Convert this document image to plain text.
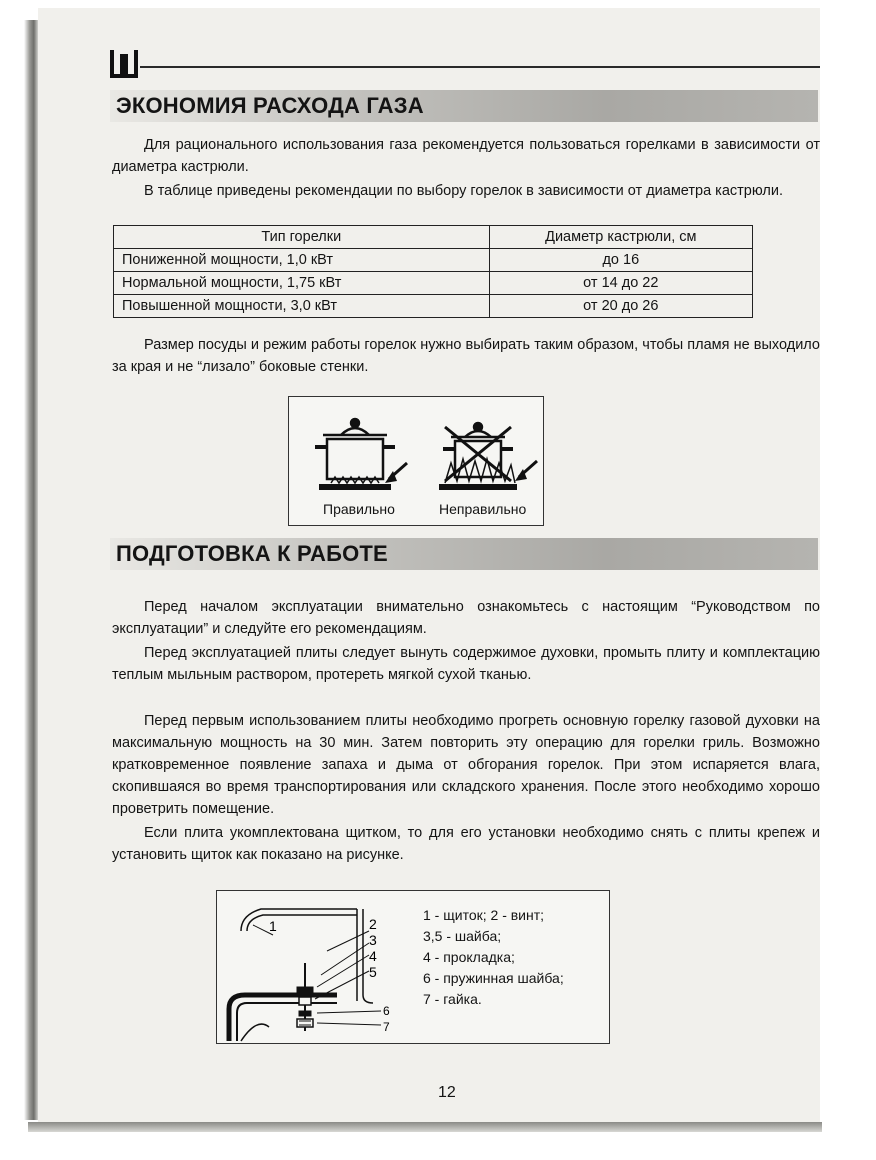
ЭКОНОМИЯ РАСХОДА ГАЗА

Для рационального использования газа рекомендуется пользоваться горелками в зависимости от диаметра кастрюли.

В таблице приведены рекомендации по выбору горелок в зависимости от диаметра кастрюли.

Тип горелки	Диаметр кастрюли, см
Пониженной мощности, 1,0 кВт	до 16
Нормальной мощности, 1,75 кВт	от 14 до 22
Повышенной мощности, 3,0 кВт	от 20 до 26

Размер посуды и режим работы горелок нужно выбирать таким образом, чтобы пламя не выходило за края и не “лизало” боковые стенки.

Правильно	Неправильно
ПОДГОТОВКА К РАБОТЕ

Перед началом эксплуатации внимательно ознакомьтесь с настоящим “Руководством по эксплуатации” и следуйте его рекомендациям.

Перед эксплуатацией плиты следует вынуть содержимое духовки, промыть плиту и комплектацию теплым мыльным раствором, протереть мягкой сухой тканью.

Перед первым использованием плиты необходимо прогреть основную горелку газовой духовки на максимальную мощность на 30 мин. Затем повторить эту операцию для горелки гриль. Возможно кратковременное появление запаха и дыма от обгорания горелок. При этом испаряется влага, скопившаяся во время транспортирования или складского хранения. После этого необходимо хорошо проветрить помещение.

Если плита укомплектована щитком, то для его установки необходимо снять с плиты крепеж и установить щиток как показано на рисунке.

1	2
3
4
5
6
7
1 - щиток; 2 - винт;
3,5 - шайба;
4 - прокладка;
6 - пружинная шайба;
7 - гайка.
12
